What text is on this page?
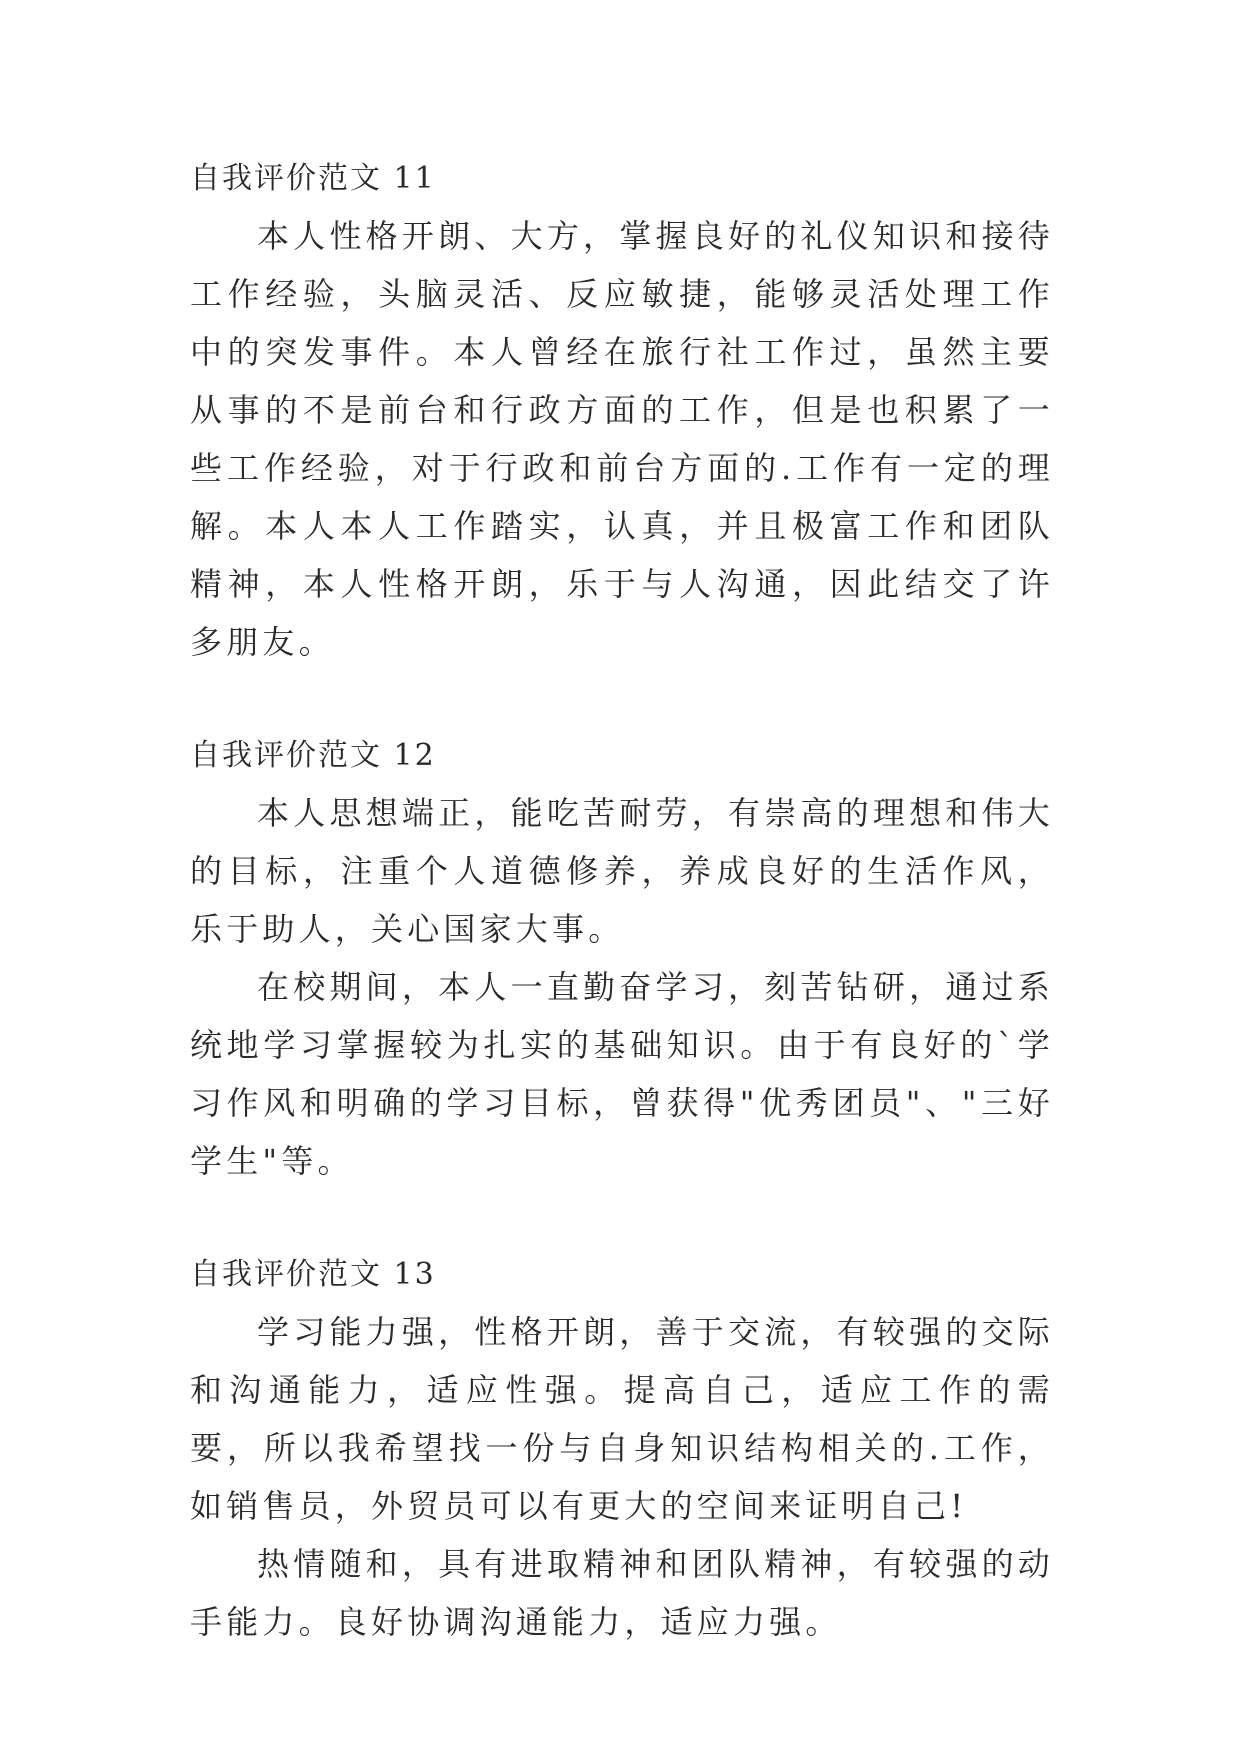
自我评价范文 11

本人性格开朗、大方，掌握良好的礼仪知识和接待工作经验，头脑灵活、反应敏捷，能够灵活处理工作中的突发事件。本人曾经在旅行社工作过，虽然主要从事的不是前台和行政方面的工作，但是也积累了一些工作经验，对于行政和前台方面的.工作有一定的理解。本人本人工作踏实，认真，并且极富工作和团队精神，本人性格开朗，乐于与人沟通，因此结交了许多朋友。

自我评价范文 12

本人思想端正，能吃苦耐劳，有崇高的理想和伟大的目标，注重个人道德修养，养成良好的生活作风，乐于助人，关心国家大事。

在校期间，本人一直勤奋学习，刻苦钻研，通过系统地学习掌握较为扎实的基础知识。由于有良好的`学习作风和明确的学习目标，曾获得"优秀团员"、"三好学生"等。

自我评价范文 13

学习能力强，性格开朗，善于交流，有较强的交际和沟通能力，适应性强。提高自己，适应工作的需要，所以我希望找一份与自身知识结构相关的.工作，如销售员，外贸员可以有更大的空间来证明自己!

热情随和，具有进取精神和团队精神，有较强的动手能力。良好协调沟通能力，适应力强。
